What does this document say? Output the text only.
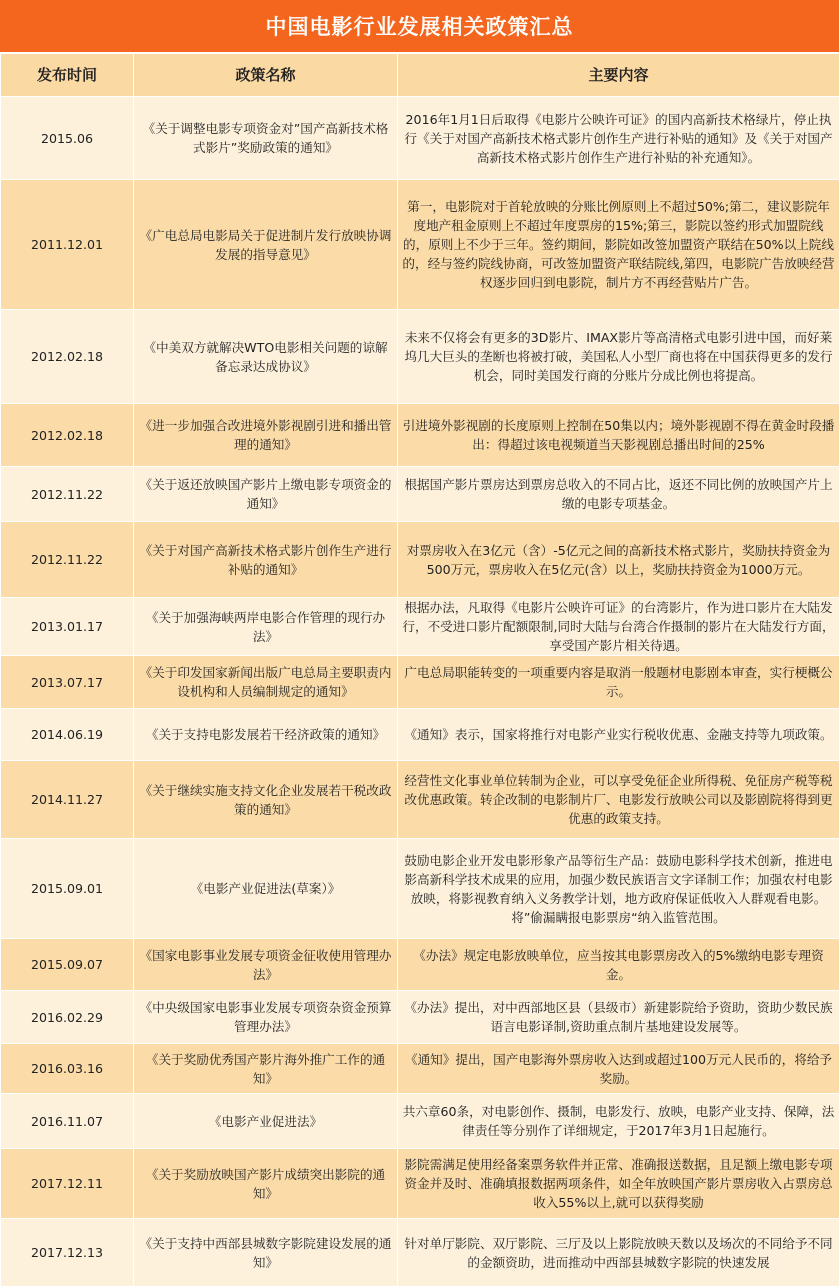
中国电影行业发展相关政策汇总
发布时间	政策名称	主要内容
2015.06	《关于调整电影专项资金对”国产高新技术格式影片”奖励政策的通知》	2016年1月1日后取得《电影片公映许可证》的国内高新技术格绿片，停止执行《关于对国产高新技术格式影片创作生产进行补贴的通知》及《关于对国产高新技术格式影片创作生产进行补贴的补充通知》。
2011.12.01	《广电总局电影局关于促进制片发行放映协调发展的指导意见》	第一，电影院对于首轮放映的分账比例原则上不超过50%;第二，建议影院年度地产租金原则上不超过年度票房的15%;第三，影院以签约形式加盟院线的，原则上不少于三年。签约期间，影院如改签加盟资产联结在50%以上院线的，经与签约院线协商，可改签加盟资产联结院线,第四，电影院广告放映经营权逐步回归到电影院，制片方不再经营贴片广告。
2012.02.18	《中美双方就解决WTO电影相关问题的谅解备忘录达成协议》	未来不仅将会有更多的3D影片、IMAX影片等高清格式电影引进中国，而好莱坞几大巨头的垄断也将被打破，美国私人小型厂商也将在中国获得更多的发行机会，同时美国发行商的分账片分成比例也将提高。
2012.02.18	《进一步加强合改进境外影视剧引进和播出管理的通知》	引进境外影视剧的长度原则上控制在50集以内；境外影视剧不得在黄金时段播出：得超过该电视频道当天影视剧总播出时间的25%
2012.11.22	《关于返还放映国产影片上缴电影专项资金的通知》	根据国产影片票房达到票房总收入的不同占比，返还不同比例的放映国产片上缴的电影专项基金。
2012.11.22	《关于对国产高新技术格式影片创作生产进行补贴的通知》	对票房收入在3亿元（含）-5亿元之间的高新技术格式影片，奖励扶持资金为500万元，票房收入在5亿元(含）以上，奖励扶持资金为1000万元。
2013.01.17	《关于加强海峡两岸电影合作管理的现行办法》	根据办法，凡取得《电影片公映许可证》的台湾影片，作为进口影片在大陆发行，不受进口影片配额限制,同时大陆与台湾合作摄制的影片在大陆发行方面，享受国产影片相关待遇。
2013.07.17	《关于印发国家新闻出版广电总局主要职责内设机构和人员编制规定的通知》	广电总局职能转变的一项重要内容是取消一般题材电影剧本审查，实行梗概公示。
2014.06.19	《关于支持电影发展若干经济政策的通知》	《通知》表示，国家将推行对电影产业实行税收优惠、金融支持等九项政策。
2014.11.27	《关于继续实施支持文化企业发展若干税改政策的通知》	经营性文化事业单位转制为企业，可以享受免征企业所得税、免征房产税等税改优惠政策。转企改制的电影制片厂、电影发行放映公司以及影剧院将得到更优惠的政策支持。
2015.09.01	《电影产业促进法(草案）》	鼓励电影企业开发电影形象产品等衍生产品：鼓励电影科学技术创新，推进电影高新科学技术成果的应用，加强少数民族语言文字译制工作；加强农村电影放映，将影视教育纳入义务教学计划，地方政府保证低收入人群观看电影。将”偷漏瞒报电影票房“纳入监管范围。
2015.09.07	《国家电影事业发展专项资金征收使用管理办法》	《办法》规定电影放映单位，应当按其电影票房改入的5%缴纳电影专理资金。
2016.02.29	《中央级国家电影事业发展专项资杂资金预算管理办法》	《办法》提出，对中西部地区县（县级市）新建影院给予资助，资助少数民族语言电影译制,资助重点制片基地建设发展等。
2016.03.16	《关于奖励优秀国产影片海外推广工作的通知》	《通知》提出，国产电影海外票房收入达到或超过100万元人民币的，将给予奖励。
2016.11.07	《电影产业促进法》	共六章60条，对电影创作、摄制，电影发行、放映，电影产业支持、保障，法律责任等分别作了详细规定，于2017年3月1日起施行。
2017.12.11	《关于奖励放映国产影片成绩突出影院的通知》	影院需满足使用经备案票务软件并正常、准确报送数据，且足额上缴电影专项资金并及时、准确填报数据两项条件，如全年放映国产影片票房收入占票房总收入55%以上,就可以获得奖励
2017.12.13	《关于支持中西部县城数字影院建设发展的通知》	针对单厅影院、双厅影院、三厅及以上影院放映天数以及场次的不同给予不同的金额资助，进而推动中西部县城数字影院的快速发展
